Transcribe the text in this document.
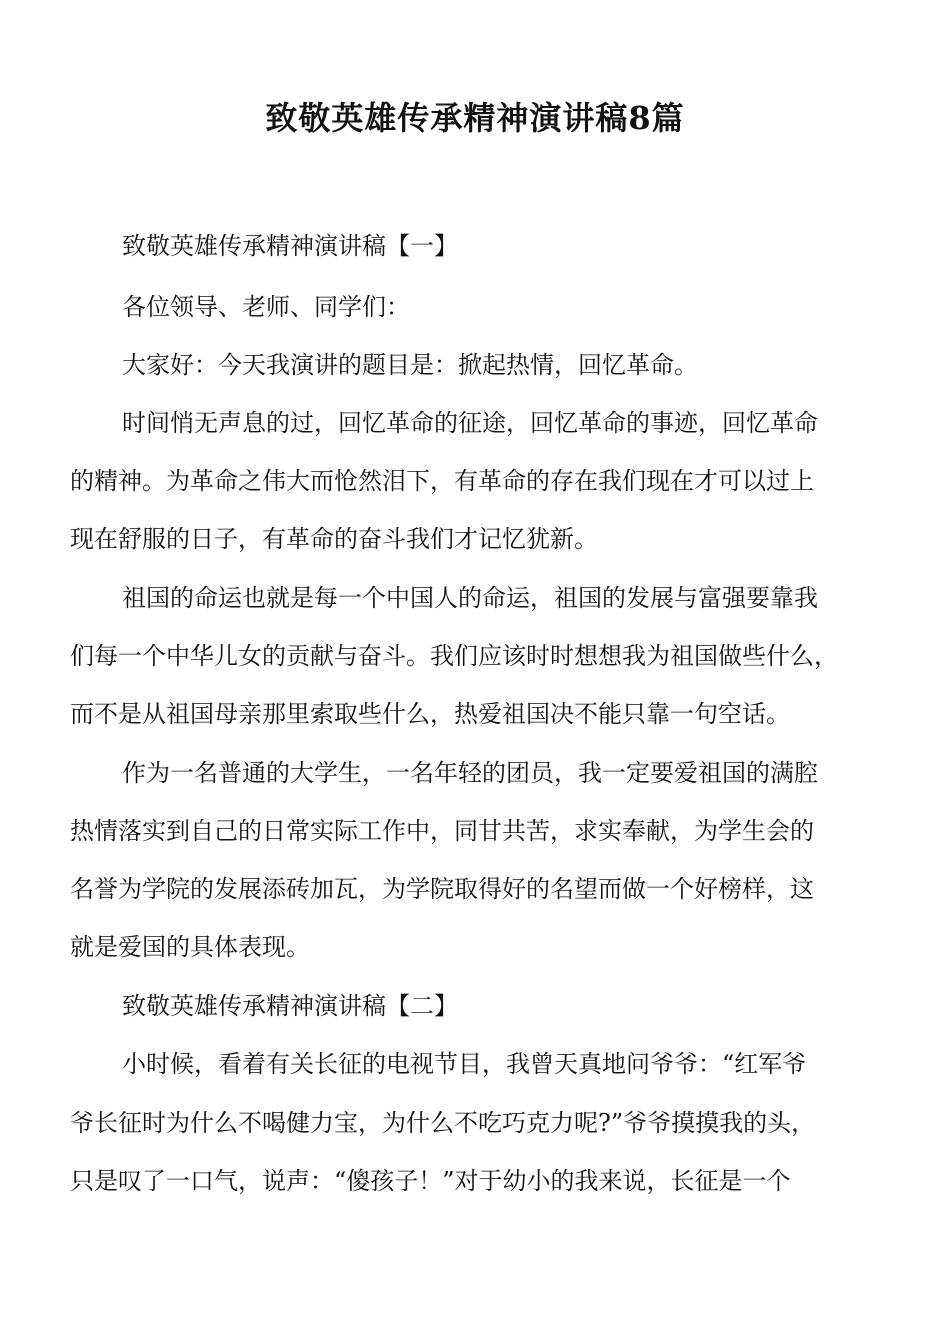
致敬英雄传承精神演讲稿8篇
致敬英雄传承精神演讲稿【一】
各位领导、老师、同学们：
大家好：今天我演讲的题目是：掀起热情，回忆革命。
时间悄无声息的过，回忆革命的征途，回忆革命的事迹，回忆革命
的精神。为革命之伟大而怆然泪下，有革命的存在我们现在才可以过上
现在舒服的日子，有革命的奋斗我们才记忆犹新。
祖国的命运也就是每一个中国人的命运，祖国的发展与富强要靠我
们每一个中华儿女的贡献与奋斗。我们应该时时想想我为祖国做些什么，
而不是从祖国母亲那里索取些什么，热爱祖国决不能只靠一句空话。
作为一名普通的大学生，一名年轻的团员，我一定要爱祖国的满腔
热情落实到自己的日常实际工作中，同甘共苦，求实奉献，为学生会的
名誉为学院的发展添砖加瓦，为学院取得好的名望而做一个好榜样，这
就是爱国的具体表现。
致敬英雄传承精神演讲稿【二】
小时候，看着有关长征的电视节目，我曾天真地问爷爷：“红军爷
爷长征时为什么不喝健力宝，为什么不吃巧克力呢?”爷爷摸摸我的头，
只是叹了一口气，说声：“傻孩子！”对于幼小的我来说，长征是一个
